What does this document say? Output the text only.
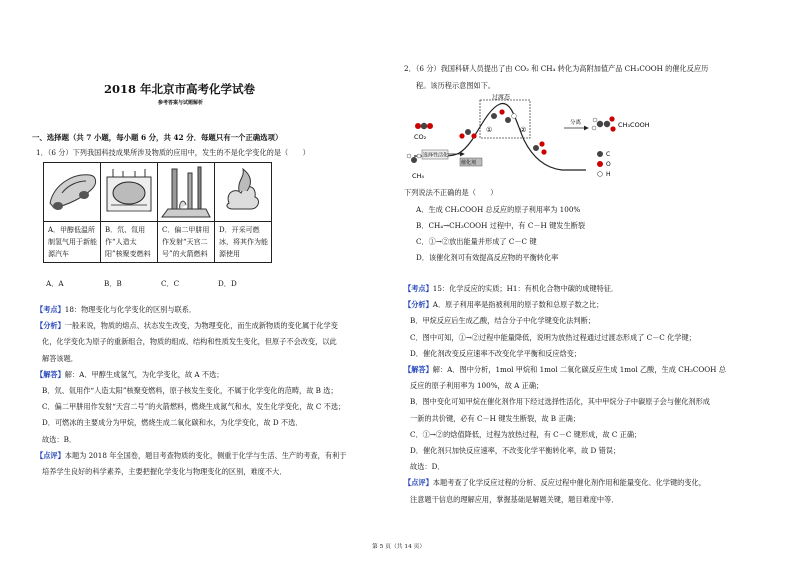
2018 年北京市高考化学试卷
参考答案与试题解析
一、选择题（共 7 小题，每小题 6 分，共 42 分．每题只有一个正确选项）
1．（6 分）下列我国科技成果所涉及物质的应用中，发生的不是化学变化的是（　　）

A．甲醇低温所制氢气用于新能源汽车	B．氘、氚用作“人造太阳”核聚变燃料	C．偏二甲肼用作发射“天宫二号”的火箭燃料	D．开采可燃冰，将其作为能源使用
A．A	B．B	C．C	D．D
【考点】18：物理变化与化学变化的区别与联系．
【分析】一般来说，物质的熔点、状态发生改变，为物理变化，而生成新物质的变化属于化学变
化，化学变化为原子的重新组合，物质的组成、结构和性质发生变化，但原子不会改变，以此
解答该题．
【解答】解：A．甲醇生成氢气，为化学变化，故 A 不选；
B．氘、氚用作“人造太阳”核聚变燃料，原子核发生变化，不属于化学变化的范畴，故 B 选；
C．偏二甲肼用作发射“天宫二号”的火箭燃料，燃烧生成氮气和水，发生化学变化，故 C 不选；
D．可燃冰的主要成分为甲烷，燃烧生成二氧化碳和水，为化学变化，故 D 不选．
故选：B．
【点评】本题为 2018 年全国卷，题目考查物质的变化，侧重于化学与生活、生产的考查，有利于
培养学生良好的科学素养，主要把握化学变化与物理变化的区别，难度不大．
2．（6 分）我国科研人员提出了由 CO₂ 和 CH₄ 转化为高附加值产品 CH₃COOH 的催化反应历
程。该历程示意图如下。
过渡态
CO₂
CH₄
选择性活化
催化剂
①	②
分离	CH₃COOH
C
O
H
下列说法不正确的是（　　）
A．生成 CH₃COOH 总反应的原子利用率为 100%
B．CH₄→CH₃COOH 过程中，有 C－H 键发生断裂
C．①→②放出能量并形成了 C－C 键
D．该催化剂可有效提高反应物的平衡转化率
【考点】15：化学反应的实质；H1：有机化合物中碳的成键特征．
【分析】A．原子利用率是指被利用的原子数和总原子数之比；
B．甲烷反应后生成乙酸，结合分子中化学键变化法判断；
C．图中可知，①→②过程中能量降低，说明为放热过程通过过渡态形成了 C－C 化学键；
D．催化剂改变反应速率不改变化学平衡和反应焓变；
【解答】解：A．图中分析，1mol 甲烷和 1mol 二氧化碳反应生成 1mol 乙酸，生成 CH₃COOH 总
反应的原子利用率为 100%，故 A 正确；
B．图中变化可知甲烷在催化剂作用下经过选择性活化，其中甲烷分子中碳原子会与催化剂形成
一新的共价键，必有 C－H 键发生断裂，故 B 正确；
C．①→②的焓值降低，过程为放热过程，有 C－C 键形成，故 C 正确；
D．催化剂只加快反应速率，不改变化学平衡转化率，故 D 错误；
故选：D．
【点评】本题考查了化学反应过程的分析、反应过程中催化剂作用和能量变化、化学键的变化，
注意题干信息的理解应用，掌握基础是解题关键，题目难度中等．
第 5 页（共 14 页）
